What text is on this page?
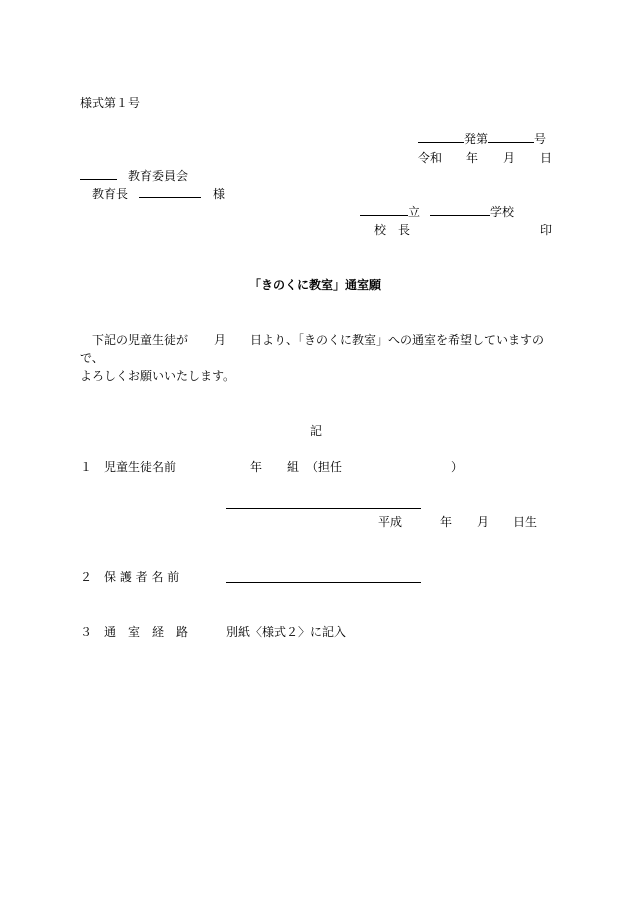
様式第１号
発第	号
令和 年 月 日
教育委員会
教育長	様
立	学校
校　長	印
「きのくに教室」通室願
　下記の児童生徒が 月 日より、「きのくに教室」への通室を希望していますの
で、
よろしくお願いいたします。
記
１ 児童生徒名前	年 組 （担任	）
平成	年 月 日生
２ 保 護 者 名 前
３ 通　室　経　路	別紙〈様式２〉に記入
